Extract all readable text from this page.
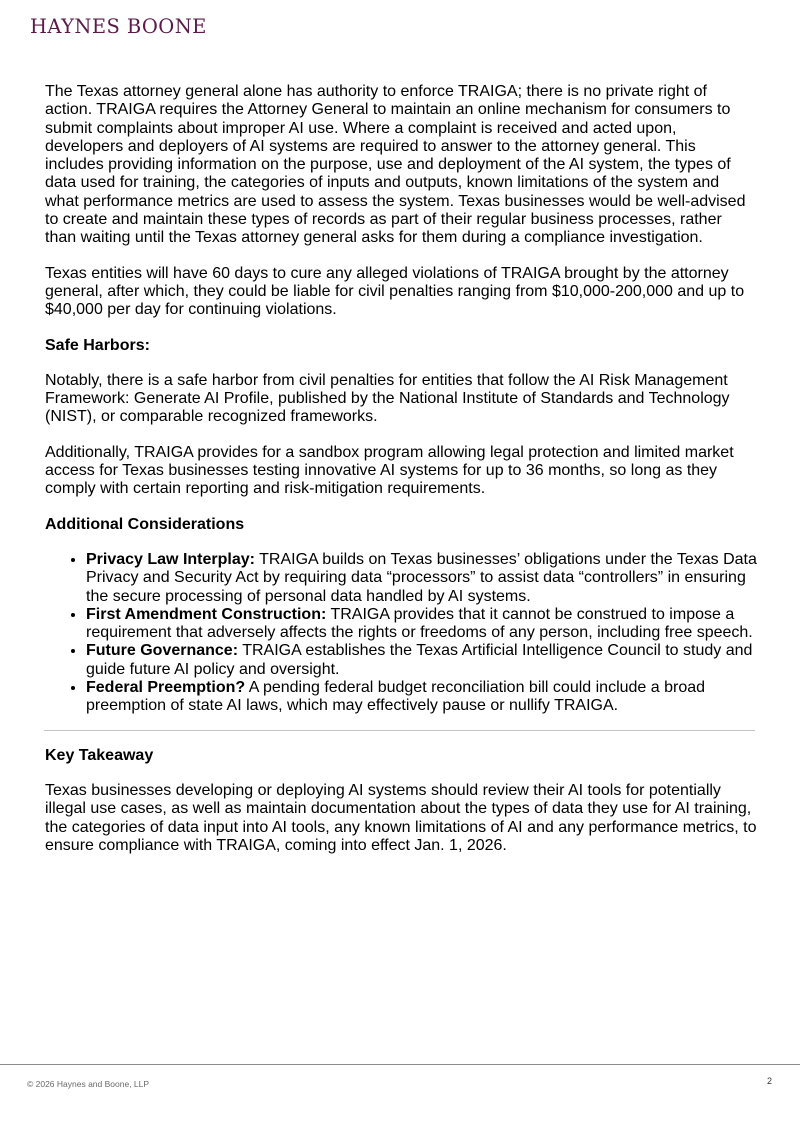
HAYNES BOONE

The Texas attorney general alone has authority to enforce TRAIGA; there is no private right of action. TRAIGA requires the Attorney General to maintain an online mechanism for consumers to submit complaints about improper AI use. Where a complaint is received and acted upon, developers and deployers of AI systems are required to answer to the attorney general. This includes providing information on the purpose, use and deployment of the AI system, the types of data used for training, the categories of inputs and outputs, known limitations of the system and what performance metrics are used to assess the system. Texas businesses would be well-advised to create and maintain these types of records as part of their regular business processes, rather than waiting until the Texas attorney general asks for them during a compliance investigation.

Texas entities will have 60 days to cure any alleged violations of TRAIGA brought by the attorney general, after which, they could be liable for civil penalties ranging from $10,000-200,000 and up to $40,000 per day for continuing violations.

Safe Harbors:

Notably, there is a safe harbor from civil penalties for entities that follow the AI Risk Management Framework: Generate AI Profile, published by the National Institute of Standards and Technology (NIST), or comparable recognized frameworks.

Additionally, TRAIGA provides for a sandbox program allowing legal protection and limited market access for Texas businesses testing innovative AI systems for up to 36 months, so long as they comply with certain reporting and risk-mitigation requirements.

Additional Considerations

• Privacy Law Interplay: TRAIGA builds on Texas businesses’ obligations under the Texas Data Privacy and Security Act by requiring data “processors” to assist data “controllers” in ensuring the secure processing of personal data handled by AI systems.
• First Amendment Construction: TRAIGA provides that it cannot be construed to impose a requirement that adversely affects the rights or freedoms of any person, including free speech.
• Future Governance: TRAIGA establishes the Texas Artificial Intelligence Council to study and guide future AI policy and oversight.
• Federal Preemption? A pending federal budget reconciliation bill could include a broad preemption of state AI laws, which may effectively pause or nullify TRAIGA.

Key Takeaway

Texas businesses developing or deploying AI systems should review their AI tools for potentially illegal use cases, as well as maintain documentation about the types of data they use for AI training, the categories of data input into AI tools, any known limitations of AI and any performance metrics, to ensure compliance with TRAIGA, coming into effect Jan. 1, 2026.

© 2026 Haynes and Boone, LLP	2
